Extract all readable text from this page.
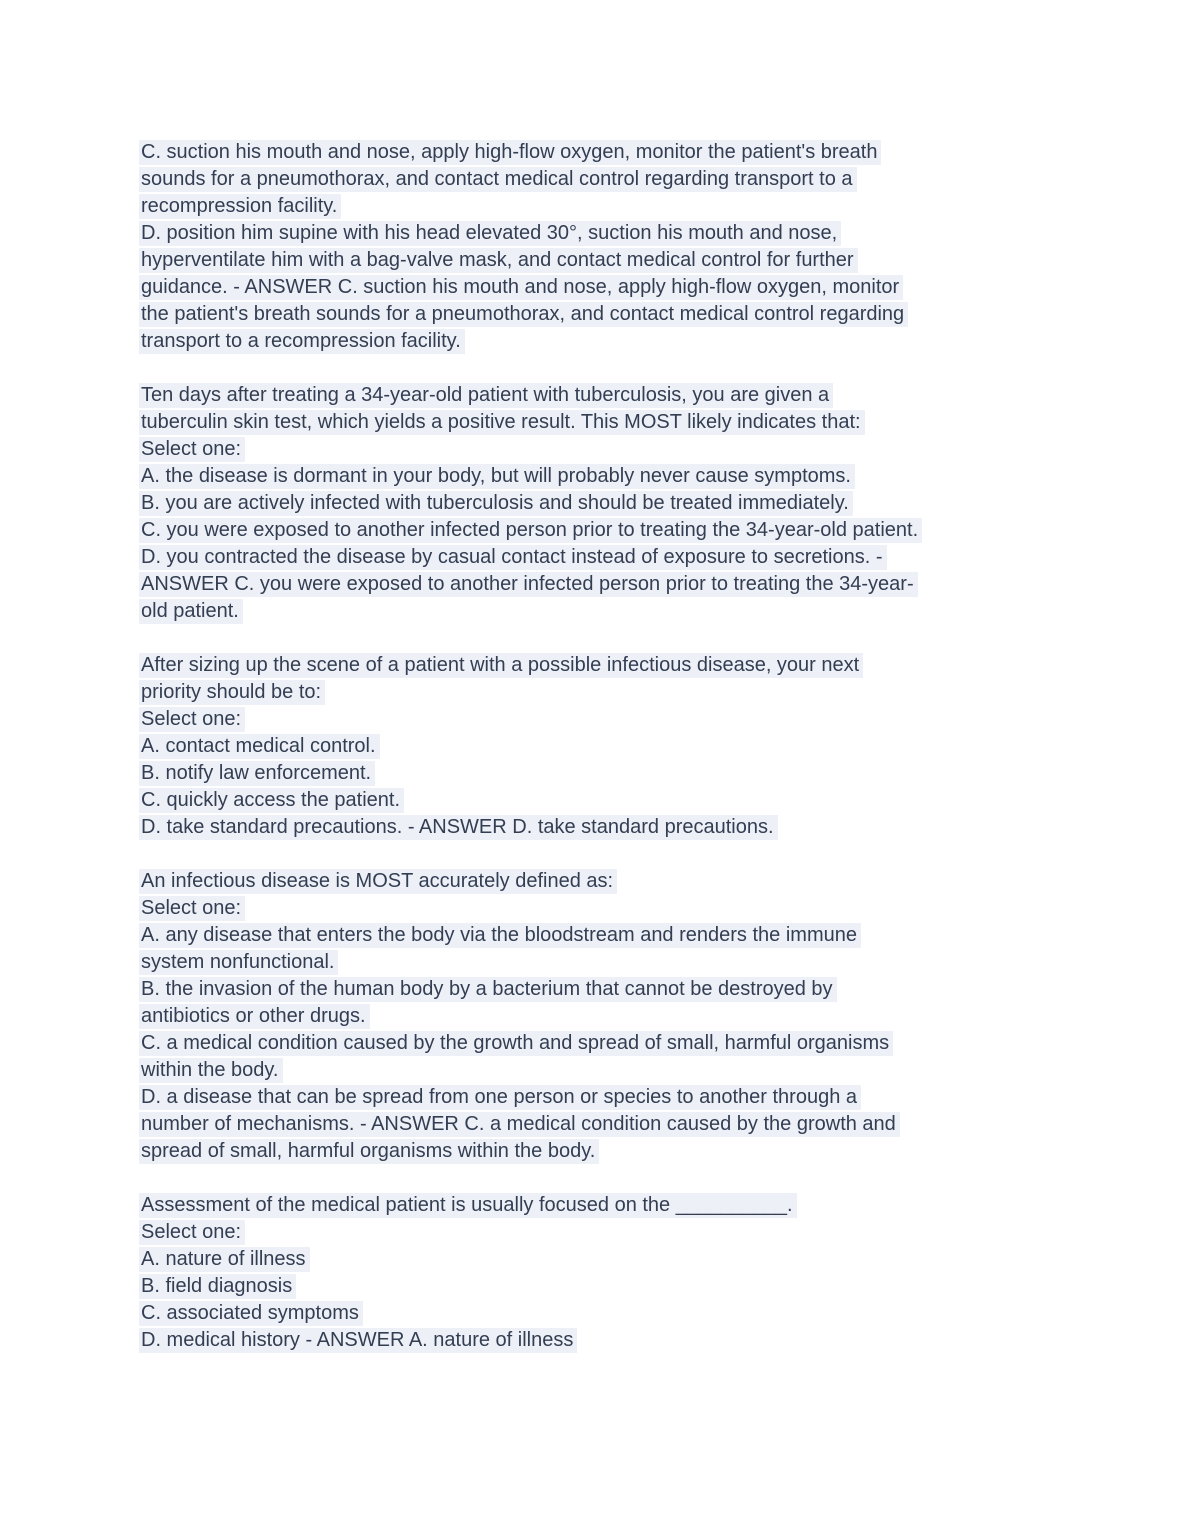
C. suction his mouth and nose, apply high-flow oxygen, monitor the patient's breath
sounds for a pneumothorax, and contact medical control regarding transport to a
recompression facility.
D. position him supine with his head elevated 30°, suction his mouth and nose,
hyperventilate him with a bag-valve mask, and contact medical control for further
guidance. - ANSWER C. suction his mouth and nose, apply high-flow oxygen, monitor
the patient's breath sounds for a pneumothorax, and contact medical control regarding
transport to a recompression facility.
Ten days after treating a 34-year-old patient with tuberculosis, you are given a
tuberculin skin test, which yields a positive result. This MOST likely indicates that:
Select one:
A. the disease is dormant in your body, but will probably never cause symptoms.
B. you are actively infected with tuberculosis and should be treated immediately.
C. you were exposed to another infected person prior to treating the 34-year-old patient.
D. you contracted the disease by casual contact instead of exposure to secretions. -
ANSWER C. you were exposed to another infected person prior to treating the 34-year-
old patient.
After sizing up the scene of a patient with a possible infectious disease, your next
priority should be to:
Select one:
A. contact medical control.
B. notify law enforcement.
C. quickly access the patient.
D. take standard precautions. - ANSWER D. take standard precautions.
An infectious disease is MOST accurately defined as:
Select one:
A. any disease that enters the body via the bloodstream and renders the immune
system nonfunctional.
B. the invasion of the human body by a bacterium that cannot be destroyed by
antibiotics or other drugs.
C. a medical condition caused by the growth and spread of small, harmful organisms
within the body.
D. a disease that can be spread from one person or species to another through a
number of mechanisms. - ANSWER C. a medical condition caused by the growth and
spread of small, harmful organisms within the body.
Assessment of the medical patient is usually focused on the __________.
Select one:
A. nature of illness
B. field diagnosis
C. associated symptoms
D. medical history - ANSWER A. nature of illness
